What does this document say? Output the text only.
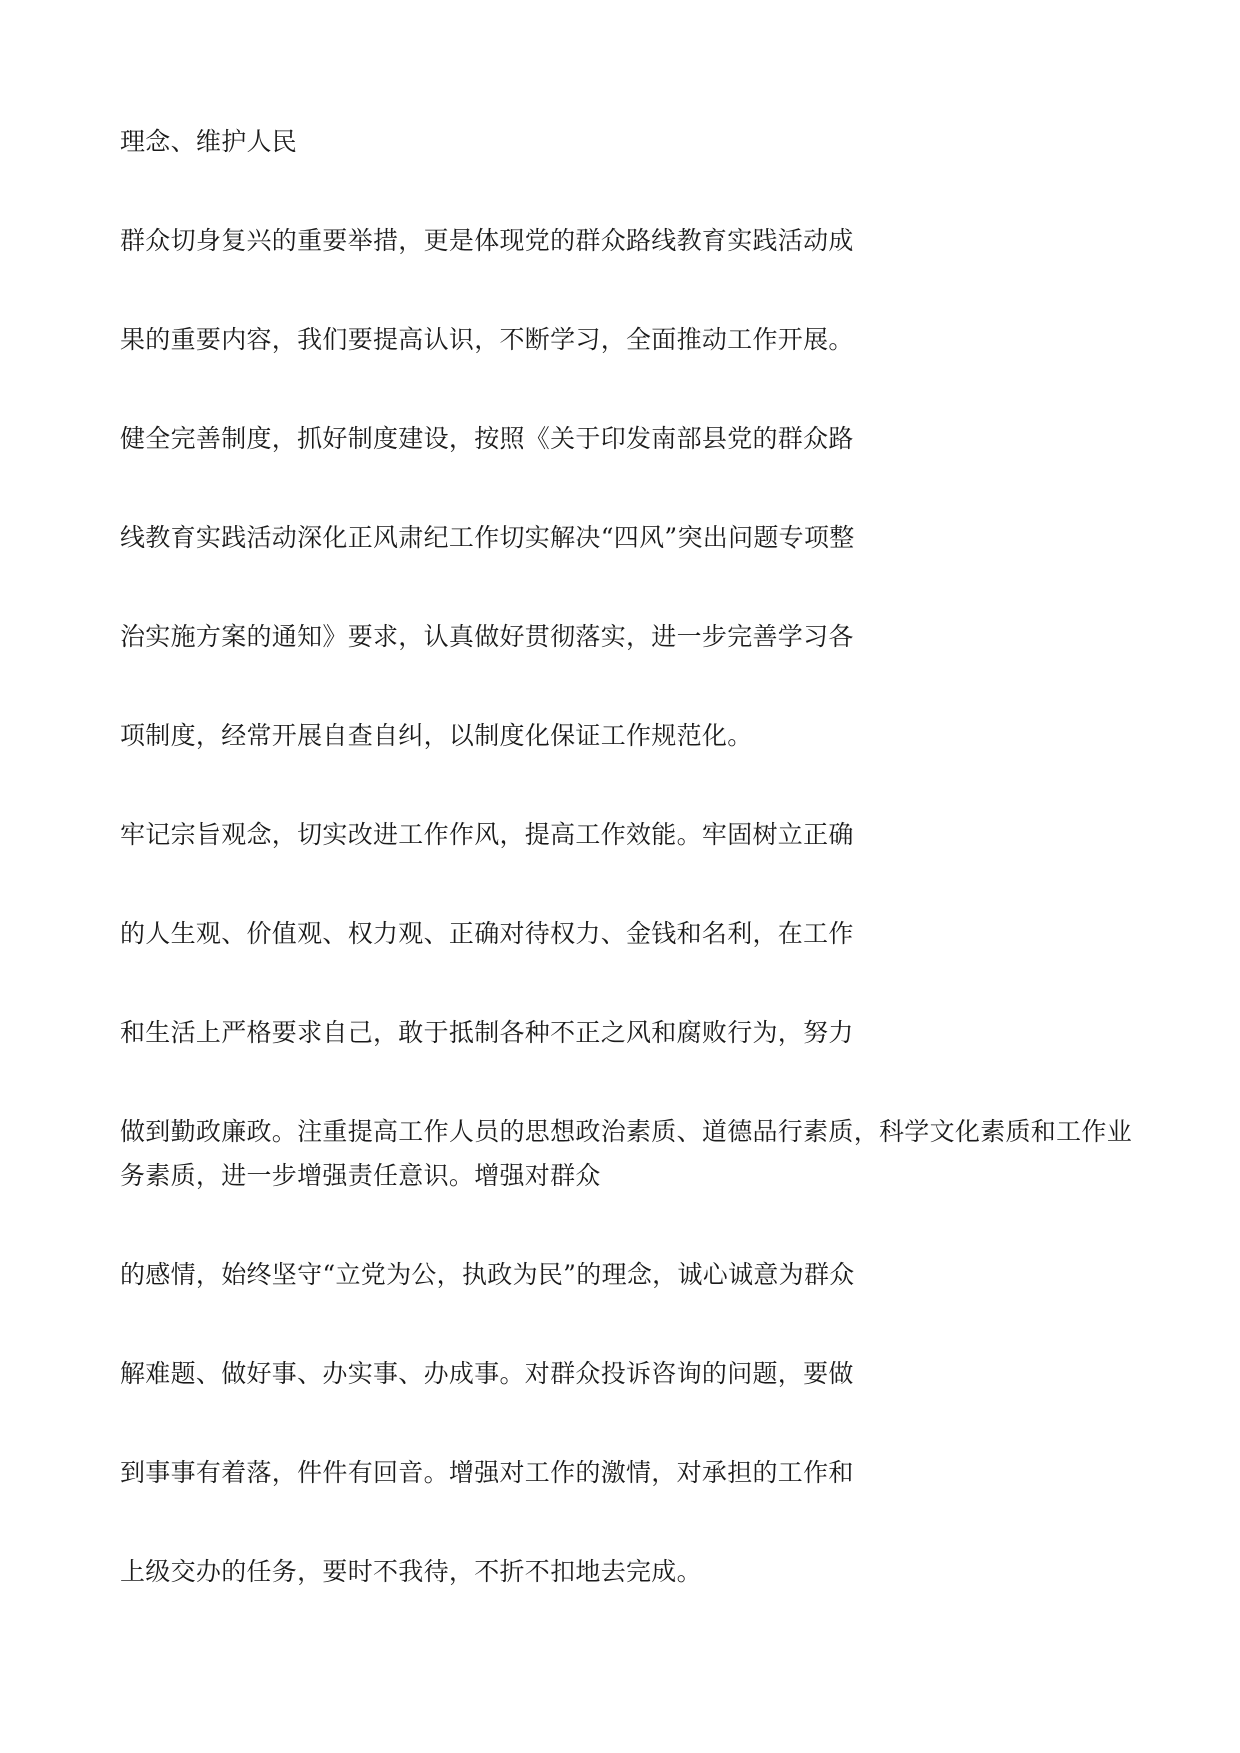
理念、维护人民
群众切身复兴的重要举措，更是体现党的群众路线教育实践活动成
果的重要内容，我们要提高认识，不断学习，全面推动工作开展。
健全完善制度，抓好制度建设，按照《关于印发南部县党的群众路
线教育实践活动深化正风肃纪工作切实解决“四风”突出问题专项整
治实施方案的通知》要求，认真做好贯彻落实，进一步完善学习各
项制度，经常开展自查自纠，以制度化保证工作规范化。
牢记宗旨观念，切实改进工作作风，提高工作效能。牢固树立正确
的人生观、价值观、权力观、正确对待权力、金钱和名利，在工作
和生活上严格要求自己，敢于抵制各种不正之风和腐败行为，努力
做到勤政廉政。注重提高工作人员的思想政治素质、道德品行素质，科学文化素质和工作业
务素质，进一步增强责任意识。增强对群众
的感情，始终坚守“立党为公，执政为民”的理念，诚心诚意为群众
解难题、做好事、办实事、办成事。对群众投诉咨询的问题，要做
到事事有着落，件件有回音。增强对工作的激情，对承担的工作和
上级交办的任务，要时不我待，不折不扣地去完成。
